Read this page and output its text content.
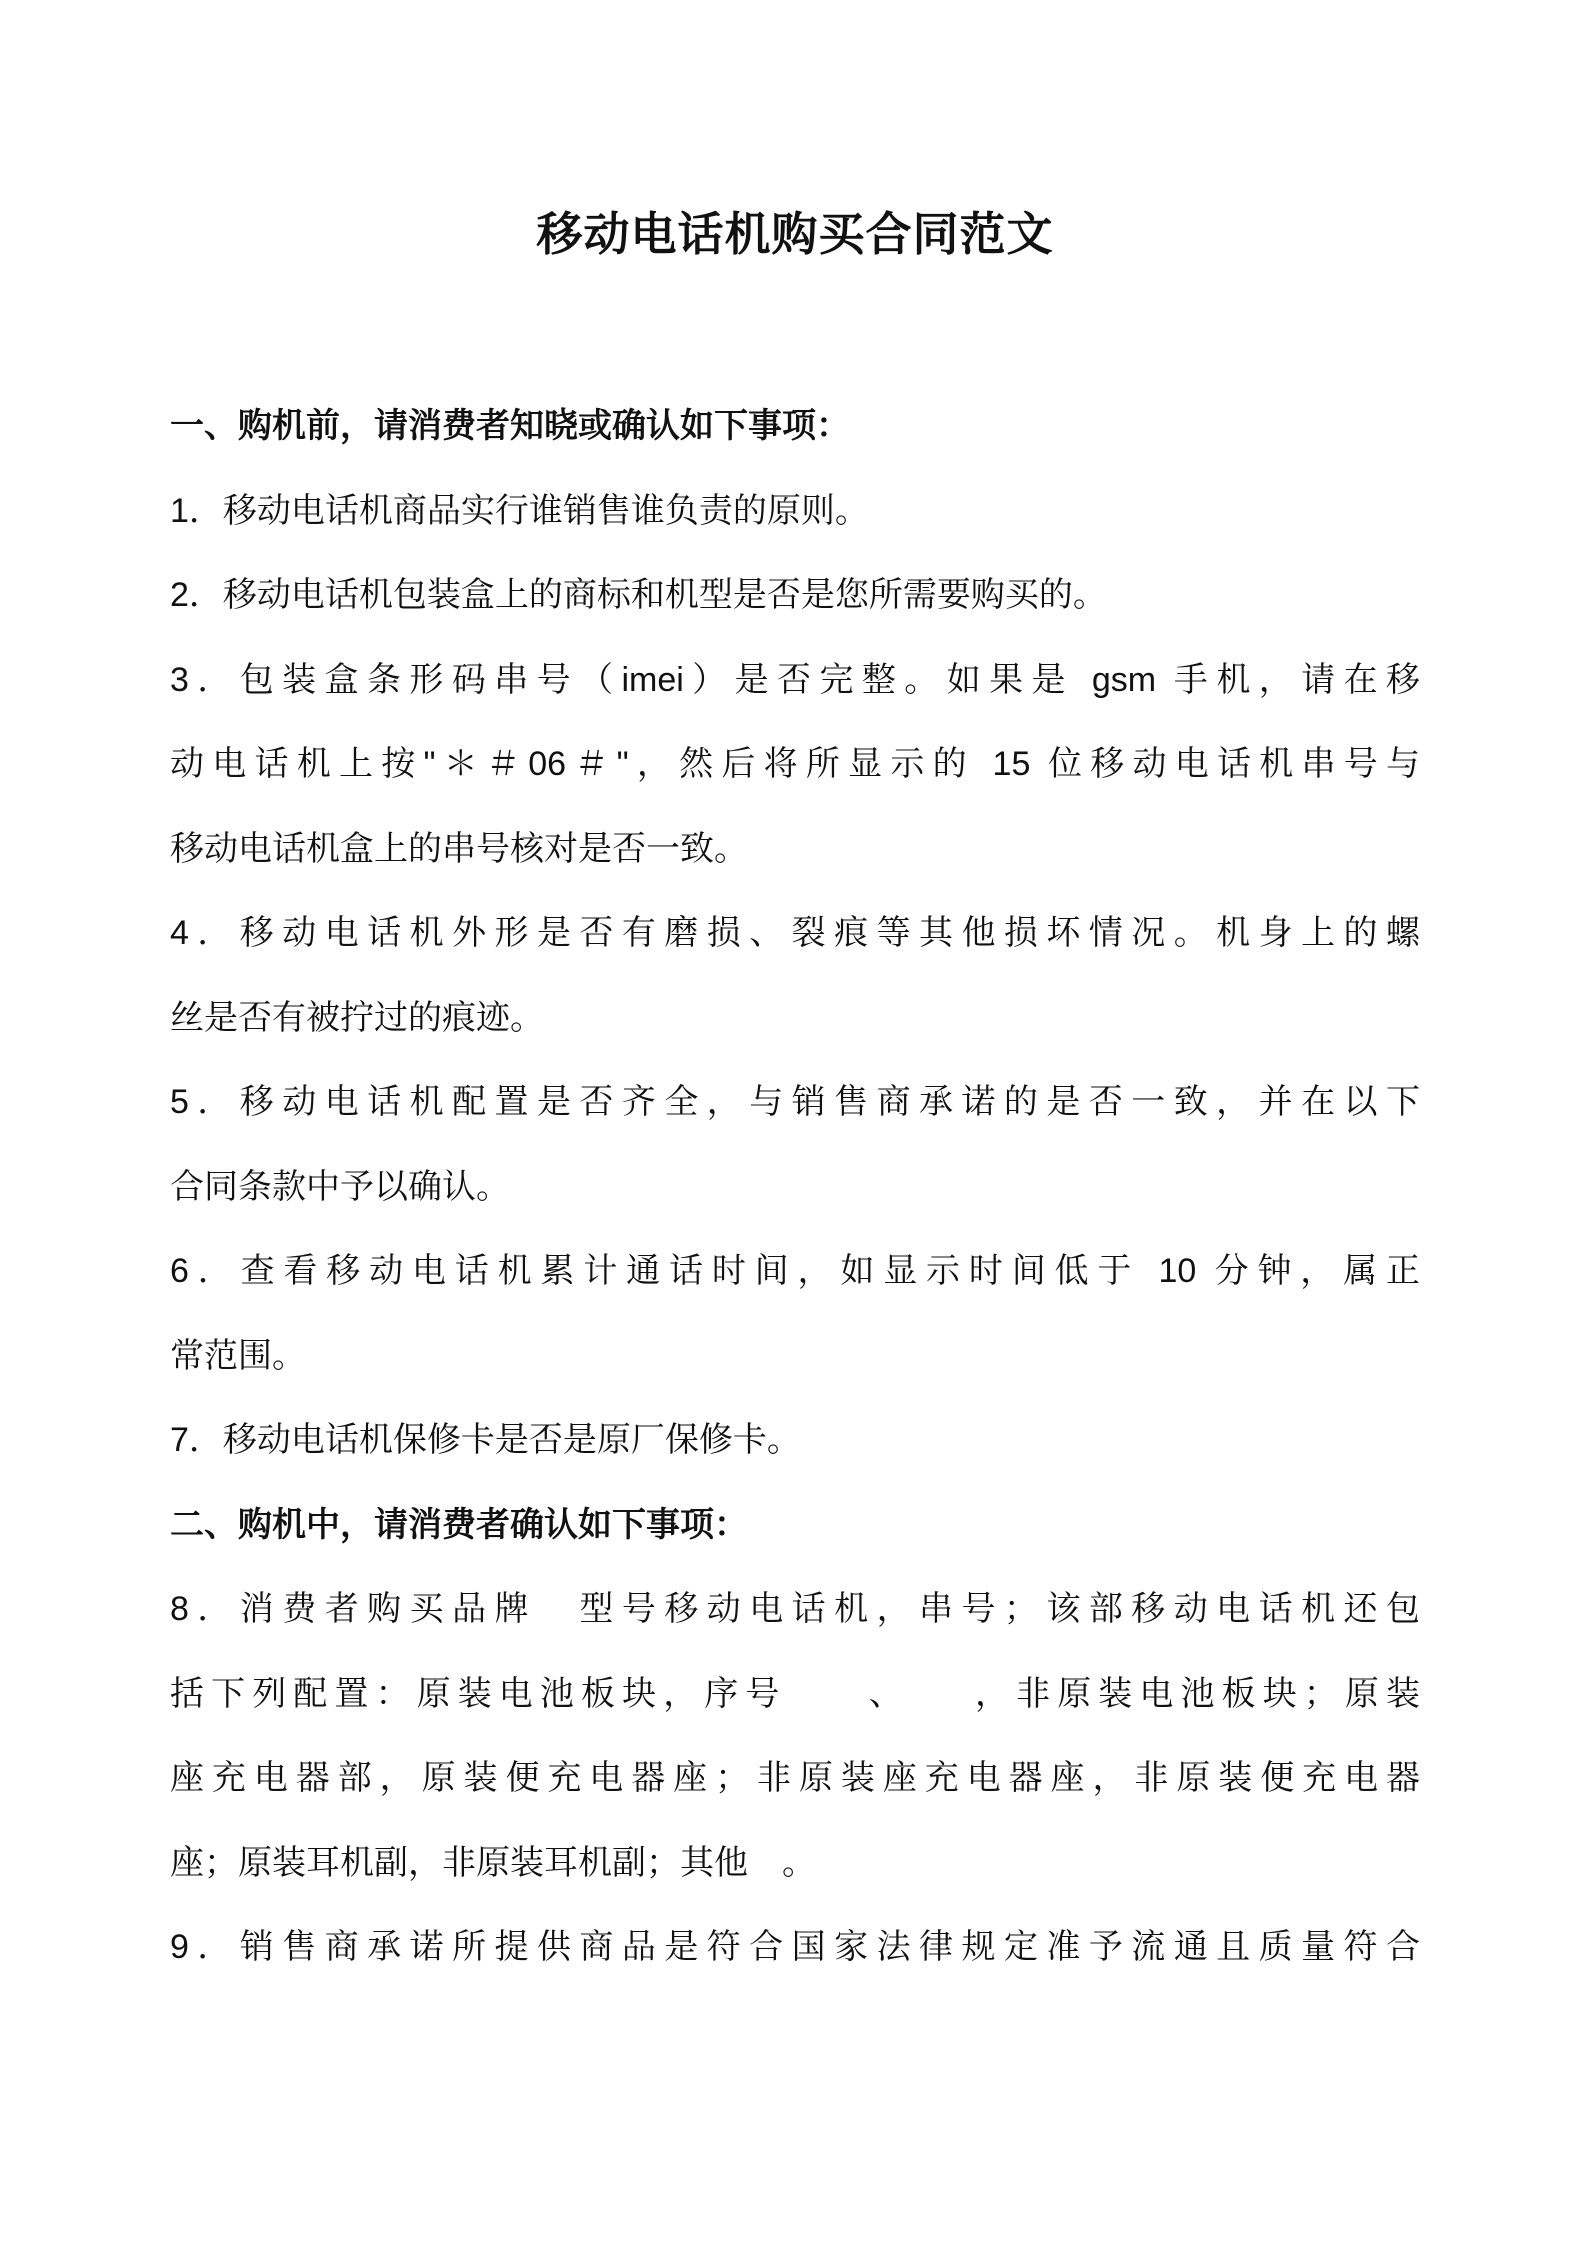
移动电话机购买合同范文
一、购机前，请消费者知晓或确认如下事项：
1．移动电话机商品实行谁销售谁负责的原则。
2．移动电话机包装盒上的商标和机型是否是您所需要购买的。
3．包装盒条形码串号（imei）是否完整。如果是 gsm 手机，请在移
动电话机上按"＊＃06＃"，然后将所显示的 15 位移动电话机串号与
移动电话机盒上的串号核对是否一致。
4．移动电话机外形是否有磨损、裂痕等其他损坏情况。机身上的螺
丝是否有被拧过的痕迹。
5．移动电话机配置是否齐全，与销售商承诺的是否一致，并在以下
合同条款中予以确认。
6．查看移动电话机累计通话时间，如显示时间低于 10 分钟，属正
常范围。
7．移动电话机保修卡是否是原厂保修卡。
二、购机中，请消费者确认如下事项：
8．消费者购买品牌　型号移动电话机，串号；该部移动电话机还包
括下列配置：原装电池板块，序号　　、　　，非原装电池板块；原装
座充电器部，原装便充电器座；非原装座充电器座，非原装便充电器
座；原装耳机副，非原装耳机副；其他　。
9．销售商承诺所提供商品是符合国家法律规定准予流通且质量符合
